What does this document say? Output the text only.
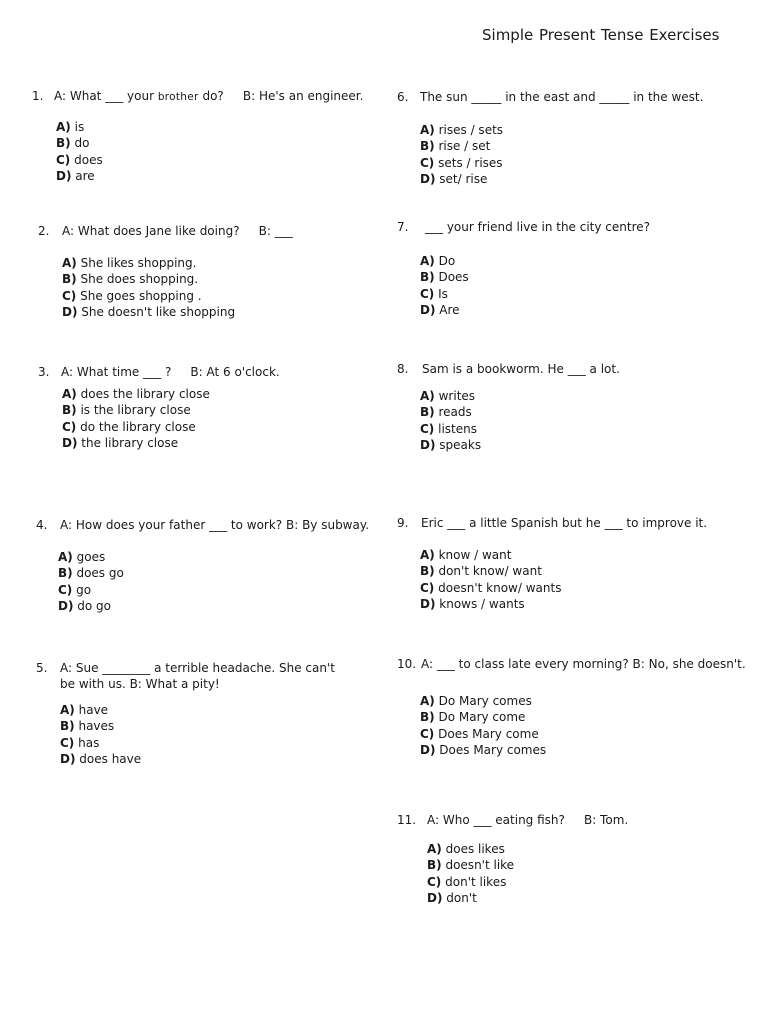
Simple Present Tense Exercises
1. A: What ___ your brother do?     B: He's an engineer.
A) is
B) do
C) does
D) are
2.	A: What does Jane like doing?     B: ___
A) She likes shopping.
B) She does shopping.
C) She goes shopping .
D) She doesn't like shopping
3. A: What time ___ ?     B: At 6 o'clock.
A) does the library close
B) is the library close
C) do the library close
D) the library close
4.	A: How does your father ___ to work? B: By subway.
A) goes
B) does go
C) go
D) do go
5.	A: Sue ________ a terrible headache. She can't be with us. B: What a pity!
A) have
B) haves
C) has
D) does have
6. The sun _____ in the east and _____ in the west.
A) rises / sets
B) rise / set
C) sets / rises
D) set/ rise
7.	___ your friend live in the city centre?
A) Do
B) Does
C) Is
D) Are
8.	Sam is a bookworm. He ___ a lot.
A) writes
B) reads
C) listens
D) speaks
9.	Eric ___ a little Spanish but he ___ to improve it.
A) know / want
B) don't know/ want
C) doesn't know/ wants
D) knows / wants
10. A: ___ to class late every morning? B: No, she doesn't.
A) Do Mary comes
B) Do Mary come
C) Does Mary come
D) Does Mary comes
11. A: Who ___ eating fish?     B: Tom.
A) does likes
B) doesn't like
C) don't likes
D) don't
